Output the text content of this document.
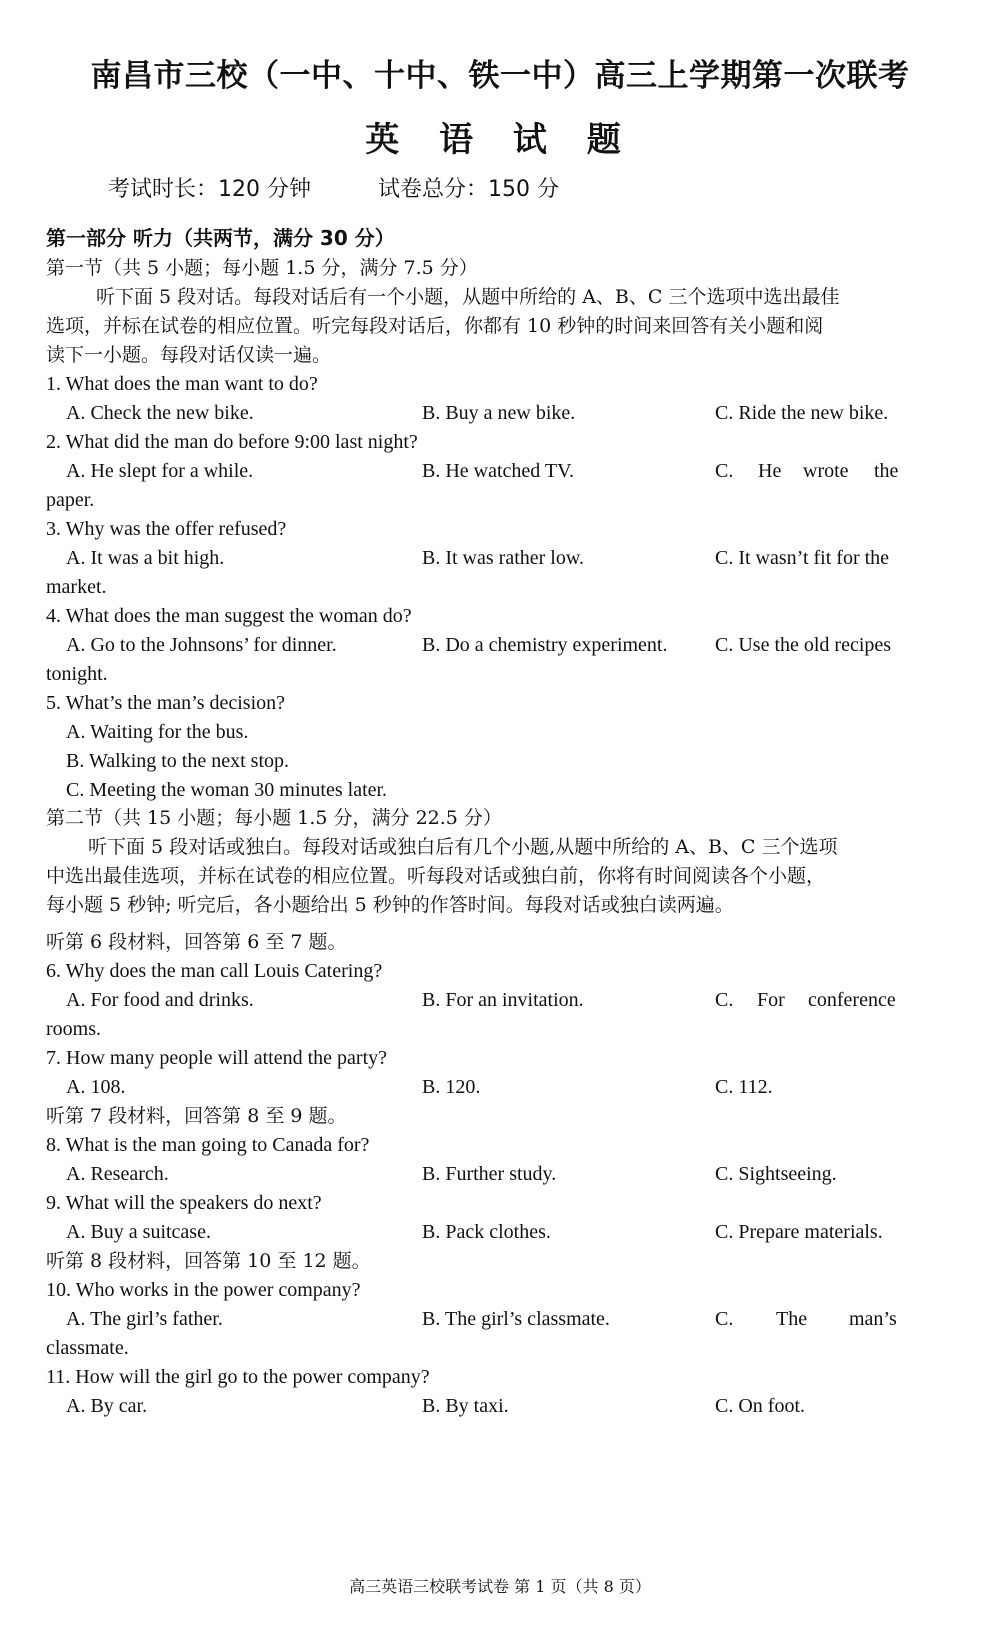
南昌市三校（一中、十中、铁一中）高三上学期第一次联考
英 语 试 题
考试时长：120 分钟	试卷总分：150 分
第一部分 听力（共两节，满分 30 分）
第一节（共 5 小题；每小题 1.5 分，满分 7.5 分）
听下面 5 段对话。每段对话后有一个小题，从题中所给的 A、B、C 三个选项中选出最佳
选项，并标在试卷的相应位置。听完每段对话后，你都有 10 秒钟的时间来回答有关小题和阅
读下一小题。每段对话仅读一遍。
1. What does the man want to do?
A. Check the new bike.	B. Buy a new bike.	C. Ride the new bike.
2. What did the man do before 9:00 last night?
A. He slept for a while.	B. He watched TV.	C. He wrote the
paper.
3. Why was the offer refused?
A. It was a bit high.	B. It was rather low.	C. It wasn’t fit for the
market.
4. What does the man suggest the woman do?
A. Go to the Johnsons’ for dinner.	B. Do a chemistry experiment. C. Use the old recipes
tonight.
5. What’s the man’s decision?
A. Waiting for the bus.
B. Walking to the next stop.
C. Meeting the woman 30 minutes later.
第二节（共 15 小题；每小题 1.5 分，满分 22.5 分）
听下面 5 段对话或独白。每段对话或独白后有几个小题,从题中所给的 A、B、C 三个选项
中选出最佳选项，并标在试卷的相应位置。听每段对话或独白前，你将有时间阅读各个小题，
每小题 5 秒钟; 听完后，各小题给出 5 秒钟的作答时间。每段对话或独白读两遍。
听第 6 段材料，回答第 6 至 7 题。
6. Why does the man call Louis Catering?
A. For food and drinks.	B. For an invitation.	C. For conference
rooms.
7. How many people will attend the party?
A. 108.	B. 120.	C. 112.
听第 7 段材料，回答第 8 至 9 题。
8. What is the man going to Canada for?
A. Research.	B. Further study.	C. Sightseeing.
9. What will the speakers do next?
A. Buy a suitcase.	B. Pack clothes.	C. Prepare materials.
听第 8 段材料，回答第 10 至 12 题。
10. Who works in the power company?
A. The girl’s father.	B. The girl’s classmate.	C. The man’s
classmate.
11. How will the girl go to the power company?
A. By car.	B. By taxi.	C. On foot.
高三英语三校联考试卷 第 1 页（共 8 页）
